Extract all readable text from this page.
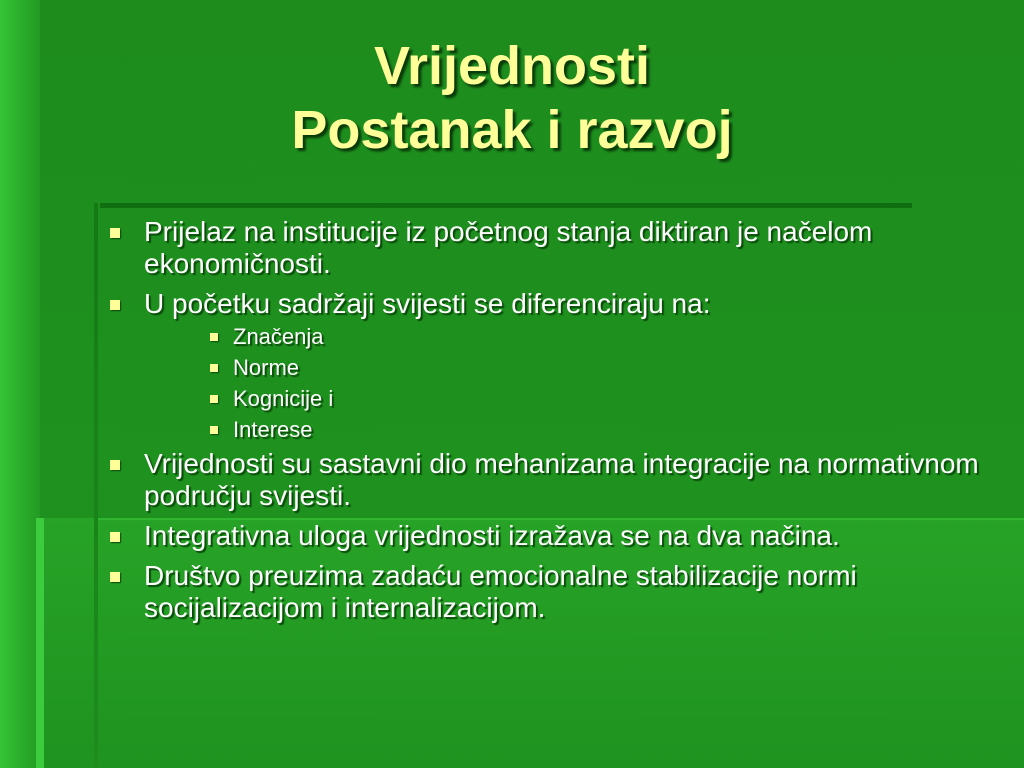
Vrijednosti
Postanak i razvoj
Prijelaz na institucije iz početnog stanja diktiran je načelom ekonomičnosti.
U početku sadržaji svijesti se diferenciraju na:
Značenja
Norme
Kognicije i
Interese
Vrijednosti su sastavni dio mehanizama integracije na normativnom području svijesti.
Integrativna uloga vrijednosti izražava se na dva načina.
Društvo preuzima zadaću emocionalne stabilizacije normi socijalizacijom i internalizacijom.
